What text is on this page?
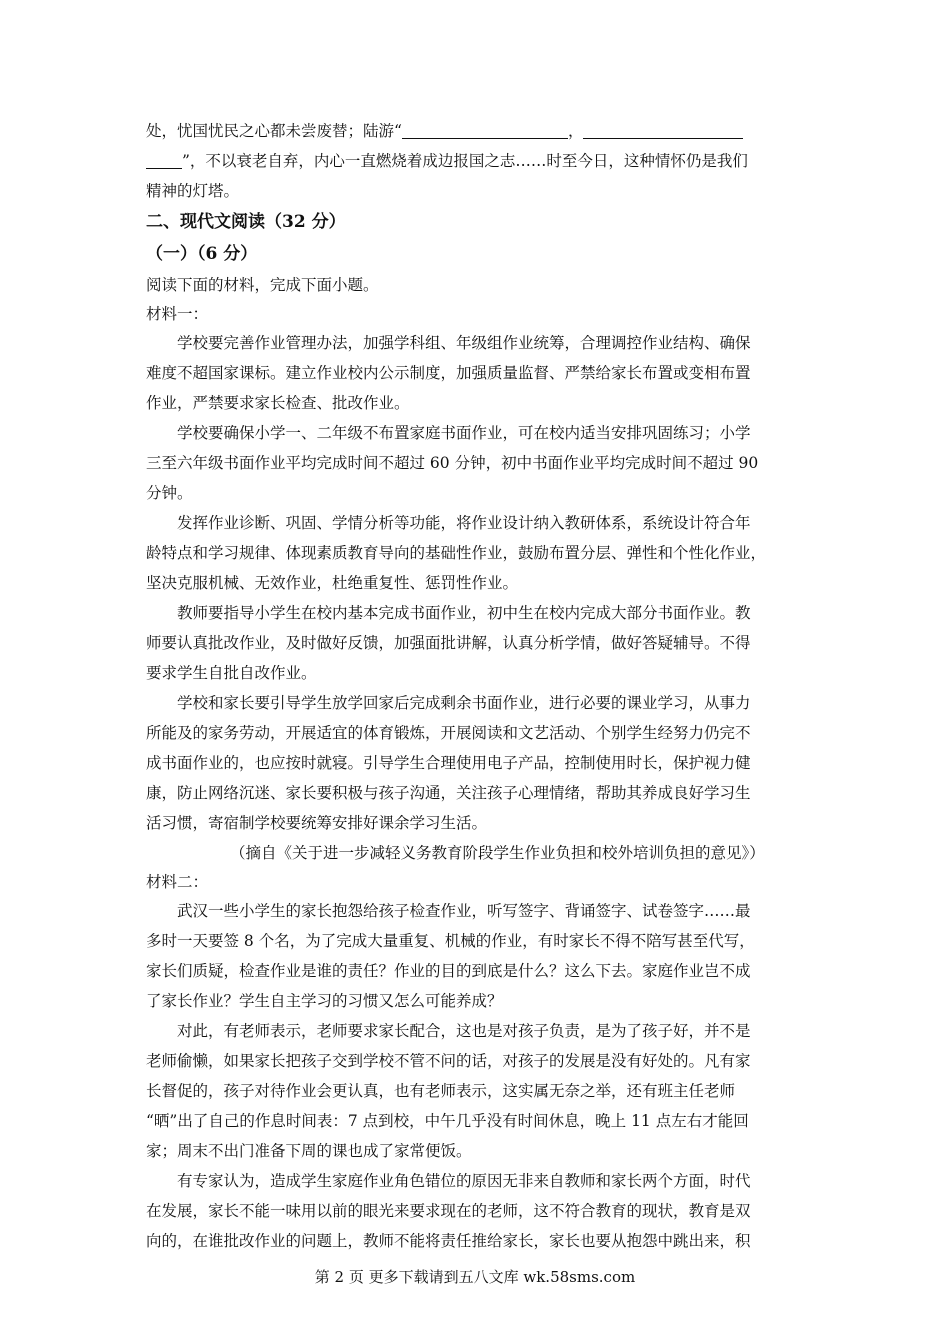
处，忧国忧民之心都未尝废替；陆游“	，
”，不以衰老自弃，内心一直燃烧着成边报国之志……时至今日，这种情怀仍是我们
精神的灯塔。
二、现代文阅读（32 分）
（一）（6 分）
阅读下面的材料，完成下面小题。
材料一：
学校要完善作业管理办法，加强学科组、年级组作业统筹，合理调控作业结构、确保
难度不超国家课标。建立作业校内公示制度，加强质量监督、严禁给家长布置或变相布置
作业，严禁要求家长检查、批改作业。
学校要确保小学一、二年级不布置家庭书面作业，可在校内适当安排巩固练习；小学
三至六年级书面作业平均完成时间不超过 60 分钟，初中书面作业平均完成时间不超过 90
分钟。
发挥作业诊断、巩固、学情分析等功能，将作业设计纳入教研体系，系统设计符合年
龄特点和学习规律、体现素质教育导向的基础性作业，鼓励布置分层、弹性和个性化作业，
坚决克服机械、无效作业，杜绝重复性、惩罚性作业。
教师要指导小学生在校内基本完成书面作业，初中生在校内完成大部分书面作业。教
师要认真批改作业，及时做好反馈，加强面批讲解，认真分析学情，做好答疑辅导。不得
要求学生自批自改作业。
学校和家长要引导学生放学回家后完成剩余书面作业，进行必要的课业学习，从事力
所能及的家务劳动，开展适宜的体育锻炼，开展阅读和文艺活动、个别学生经努力仍完不
成书面作业的，也应按时就寝。引导学生合理使用电子产品，控制使用时长，保护视力健
康，防止网络沉迷、家长要积极与孩子沟通，关注孩子心理情绪，帮助其养成良好学习生
活习惯，寄宿制学校要统筹安排好课余学习生活。
（摘自《关于进一步减轻义务教育阶段学生作业负担和校外培训负担的意见》）
材料二：
武汉一些小学生的家长抱怨给孩子检查作业，听写签字、背诵签字、试卷签字……最
多时一天要签 8 个名，为了完成大量重复、机械的作业，有时家长不得不陪写甚至代写，
家长们质疑，检查作业是谁的责任？作业的目的到底是什么？这么下去。家庭作业岂不成
了家长作业？学生自主学习的习惯又怎么可能养成？
对此，有老师表示，老师要求家长配合，这也是对孩子负责，是为了孩子好，并不是
老师偷懒，如果家长把孩子交到学校不管不问的话，对孩子的发展是没有好处的。凡有家
长督促的，孩子对待作业会更认真，也有老师表示，这实属无奈之举，还有班主任老师
“晒”出了自己的作息时间表：7 点到校，中午几乎没有时间休息，晚上 11 点左右才能回
家；周末不出门准备下周的课也成了家常便饭。
有专家认为，造成学生家庭作业角色错位的原因无非来自教师和家长两个方面，时代
在发展，家长不能一味用以前的眼光来要求现在的老师，这不符合教育的现状，教育是双
向的，在谁批改作业的问题上，教师不能将责任推给家长，家长也要从抱怨中跳出来，积
第 2 页 更多下载请到五八文库 wk.58sms.com
